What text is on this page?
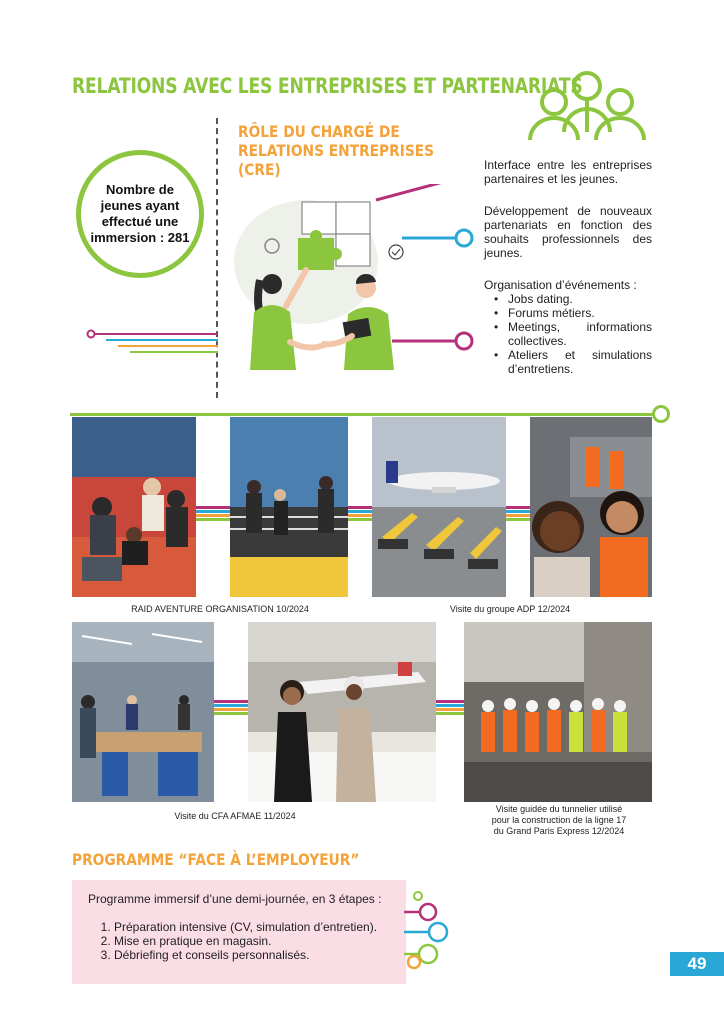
RELATIONS AVEC LES ENTREPRISES ET PARTENARIATS
RÔLE DU CHARGÉ DE RELATIONS ENTREPRISES (CRE)
Nombre de jeunes ayant effectué une immersion : 281
Interface entre les entreprises partenaires et les jeunes.
Développement de nouveaux partenariats en fonction des souhaits professionnels des jeunes.
Organisation d’événements :
• Jobs dating.
• Forums métiers.
• Meetings, informations collectives.
• Ateliers et simulations d’entretiens.
RAID AVENTURE ORGANISATION 10/2024	Visite du groupe ADP 12/2024
Visite du CFA AFMAE 11/2024
Visite guidée du tunnelier utilisé pour la construction de la ligne 17 du Grand Paris Express 12/2024
PROGRAMME “FACE À L’EMPLOYEUR”
Programme immersif d’une demi-journée, en 3 étapes :
1. Préparation intensive (CV, simulation d’entretien).
2. Mise en pratique en magasin.
3. Débriefing et conseils personnalisés.	49
